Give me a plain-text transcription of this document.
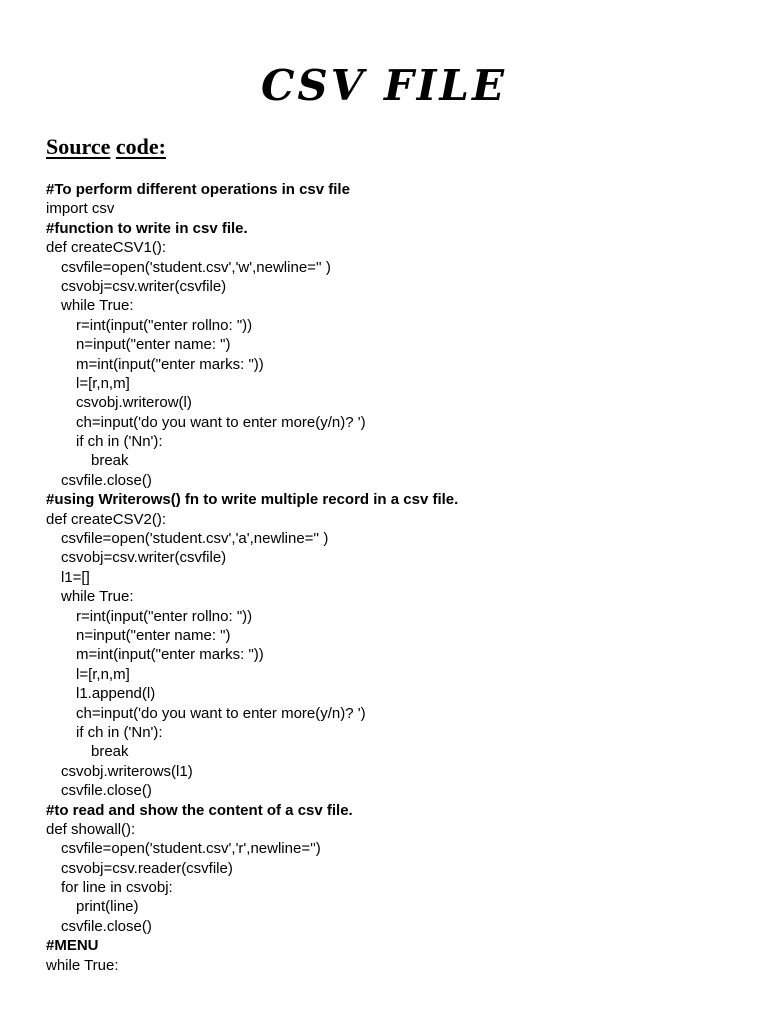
CSV FILE
Source code:
#To perform different operations in csv file
import csv
#function to write in csv file.
def createCSV1():
csvfile=open('student.csv','w',newline='' )
csvobj=csv.writer(csvfile)
while True:
r=int(input("enter rollno: "))
n=input("enter name: ")
m=int(input("enter marks: "))
l=[r,n,m]
csvobj.writerow(l)
ch=input('do you want to enter more(y/n)? ')
if ch in ('Nn'):
break
csvfile.close()
#using Writerows() fn to write multiple record in a csv file.
def createCSV2():
csvfile=open('student.csv','a',newline='' )
csvobj=csv.writer(csvfile)
l1=[]
while True:
r=int(input("enter rollno: "))
n=input("enter name: ")
m=int(input("enter marks: "))
l=[r,n,m]
l1.append(l)
ch=input('do you want to enter more(y/n)? ')
if ch in ('Nn'):
break
csvobj.writerows(l1)
csvfile.close()
#to read and show the content of a csv file.
def showall():
csvfile=open('student.csv','r',newline='')
csvobj=csv.reader(csvfile)
for line in csvobj:
print(line)
csvfile.close()
#MENU
while True:
